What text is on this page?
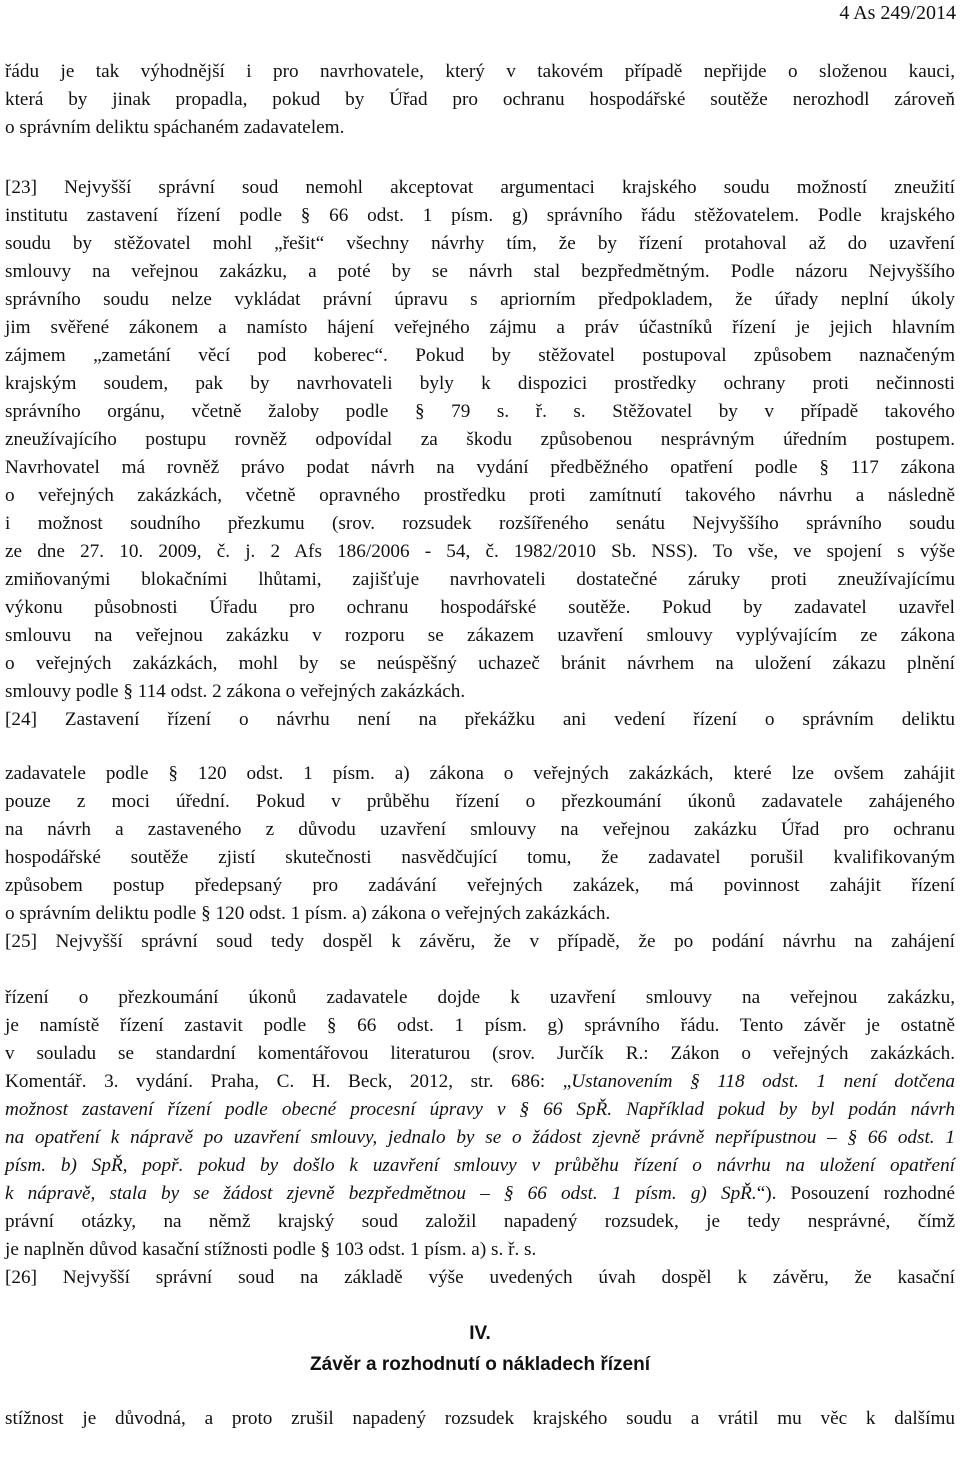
4 As 249/2014
řádu je tak výhodnější i pro navrhovatele, který v takovém případě nepřijde o složenou kauci,
která by jinak propadla, pokud by Úřad pro ochranu hospodářské soutěže nerozhodl zároveň
o správním deliktu spáchaném zadavatelem.
[23] Nejvyšší správní soud nemohl akceptovat argumentaci krajského soudu možností zneužití
institutu zastavení řízení podle § 66 odst. 1 písm. g) správního řádu stěžovatelem. Podle krajského
soudu by stěžovatel mohl „řešit“ všechny návrhy tím, že by řízení protahoval až do uzavření
smlouvy na veřejnou zakázku, a poté by se návrh stal bezpředmětným. Podle názoru Nejvyššího
správního soudu nelze vykládat právní úpravu s apriorním předpokladem, že úřady neplní úkoly
jim svěřené zákonem a namísto hájení veřejného zájmu a práv účastníků řízení je jejich hlavním
zájmem „zametání věcí pod koberec“. Pokud by stěžovatel postupoval způsobem naznačeným
krajským soudem, pak by navrhovateli byly k dispozici prostředky ochrany proti nečinnosti
správního orgánu, včetně žaloby podle § 79 s. ř. s. Stěžovatel by v případě takového
zneužívajícího postupu rovněž odpovídal za škodu způsobenou nesprávným úředním postupem.
Navrhovatel má rovněž právo podat návrh na vydání předběžného opatření podle § 117 zákona
o veřejných zakázkách, včetně opravného prostředku proti zamítnutí takového návrhu a následně
i možnost soudního přezkumu (srov. rozsudek rozšířeného senátu Nejvyššího správního soudu
ze dne 27. 10. 2009, č. j. 2 Afs 186/2006 - 54, č. 1982/2010 Sb. NSS). To vše, ve spojení s výše
zmiňovanými blokačními lhůtami, zajišťuje navrhovateli dostatečné záruky proti zneužívajícímu
výkonu působnosti Úřadu pro ochranu hospodářské soutěže. Pokud by zadavatel uzavřel
smlouvu na veřejnou zakázku v rozporu se zákazem uzavření smlouvy vyplývajícím ze zákona
o veřejných zakázkách, mohl by se neúspěšný uchazeč bránit návrhem na uložení zákazu plnění
smlouvy podle § 114 odst. 2 zákona o veřejných zakázkách.
[24] Zastavení řízení o návrhu není na překážku ani vedení řízení o správním deliktu
zadavatele podle § 120 odst. 1 písm. a) zákona o veřejných zakázkách, které lze ovšem zahájit
pouze z moci úřední. Pokud v průběhu řízení o přezkoumání úkonů zadavatele zahájeného
na návrh a zastaveného z důvodu uzavření smlouvy na veřejnou zakázku Úřad pro ochranu
hospodářské soutěže zjistí skutečnosti nasvědčující tomu, že zadavatel porušil kvalifikovaným
způsobem postup předepsaný pro zadávání veřejných zakázek, má povinnost zahájit řízení
o správním deliktu podle § 120 odst. 1 písm. a) zákona o veřejných zakázkách.
[25] Nejvyšší správní soud tedy dospěl k závěru, že v případě, že po podání návrhu na zahájení
řízení o přezkoumání úkonů zadavatele dojde k uzavření smlouvy na veřejnou zakázku,
je namístě řízení zastavit podle § 66 odst. 1 písm. g) správního řádu. Tento závěr je ostatně
v souladu se standardní komentářovou literaturou (srov. Jurčík R.: Zákon o veřejných zakázkách.
Komentář. 3. vydání. Praha, C. H. Beck, 2012, str. 686: „Ustanovením § 118 odst. 1 není dotčena
možnost zastavení řízení podle obecné procesní úpravy v § 66 SpŘ. Například pokud by byl podán návrh
na opatření k nápravě po uzavření smlouvy, jednalo by se o žádost zjevně právně nepřípustnou – § 66 odst. 1
písm. b) SpŘ, popř. pokud by došlo k uzavření smlouvy v průběhu řízení o návrhu na uložení opatření
k nápravě, stala by se žádost zjevně bezpředmětnou – § 66 odst. 1 písm. g) SpŘ.“). Posouzení rozhodné
právní otázky, na němž krajský soud založil napadený rozsudek, je tedy nesprávné, čímž
je naplněn důvod kasační stížnosti podle § 103 odst. 1 písm. a) s. ř. s.
[26] Nejvyšší správní soud na základě výše uvedených úvah dospěl k závěru, že kasační
stížnost je důvodná, a proto zrušil napadený rozsudek krajského soudu a vrátil mu věc k dalšímu
IV.
Závěr a rozhodnutí o nákladech řízení
